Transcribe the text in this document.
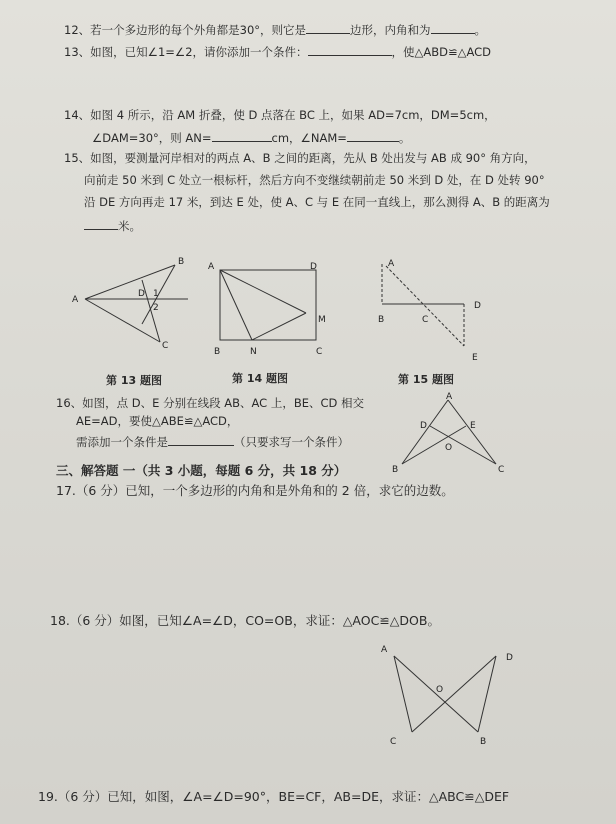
12、若一个多边形的每个外角都是30°，则它是	边形，内角和为	。
13、如图，已知∠1=∠2，请你添加一个条件：	，使△ABD≌△ACD
14、如图 4 所示，沿 AM 折叠，使 D 点落在 BC 上，如果 AD=7cm，DM=5cm，
∠DAM=30°，则 AN=	cm，∠NAM=	。
15、如图，要测量河岸相对的两点 A、B 之间的距离，先从 B 处出发与 AB 成 90° 角方向，
向前走 50 米到 C 处立一根标杆，然后方向不变继续朝前走 50 米到 D 处，在 D 处转 90°
沿 DE 方向再走 17 米，到达 E 处，使 A、C 与 E 在同一直线上，那么测得 A、B 的距离为
米。
A
B
C
D 1
2
第 13 题图
A	D
M
B	N	C
第 14 题图
A
B	C
D
E
第 15 题图
16、如图，点 D、E 分别在线段 AB、AC 上，BE、CD 相交
AE=AD，要使△ABE≌△ACD，
需添加一个条件是	（只要求写一个条件）
A
B	C
D	E
O
三、解答题 一（共 3 小题，每题 6 分，共 18 分）
17.（6 分）已知，一个多边形的内角和是外角和的 2 倍，求它的边数。
18.（6 分）如图，已知∠A=∠D，CO=OB，求证：△AOC≌△DOB。
A
D
O
C	B
19.（6 分）已知，如图，∠A=∠D=90°，BE=CF，AB=DE，求证：△ABC≌△DEF
